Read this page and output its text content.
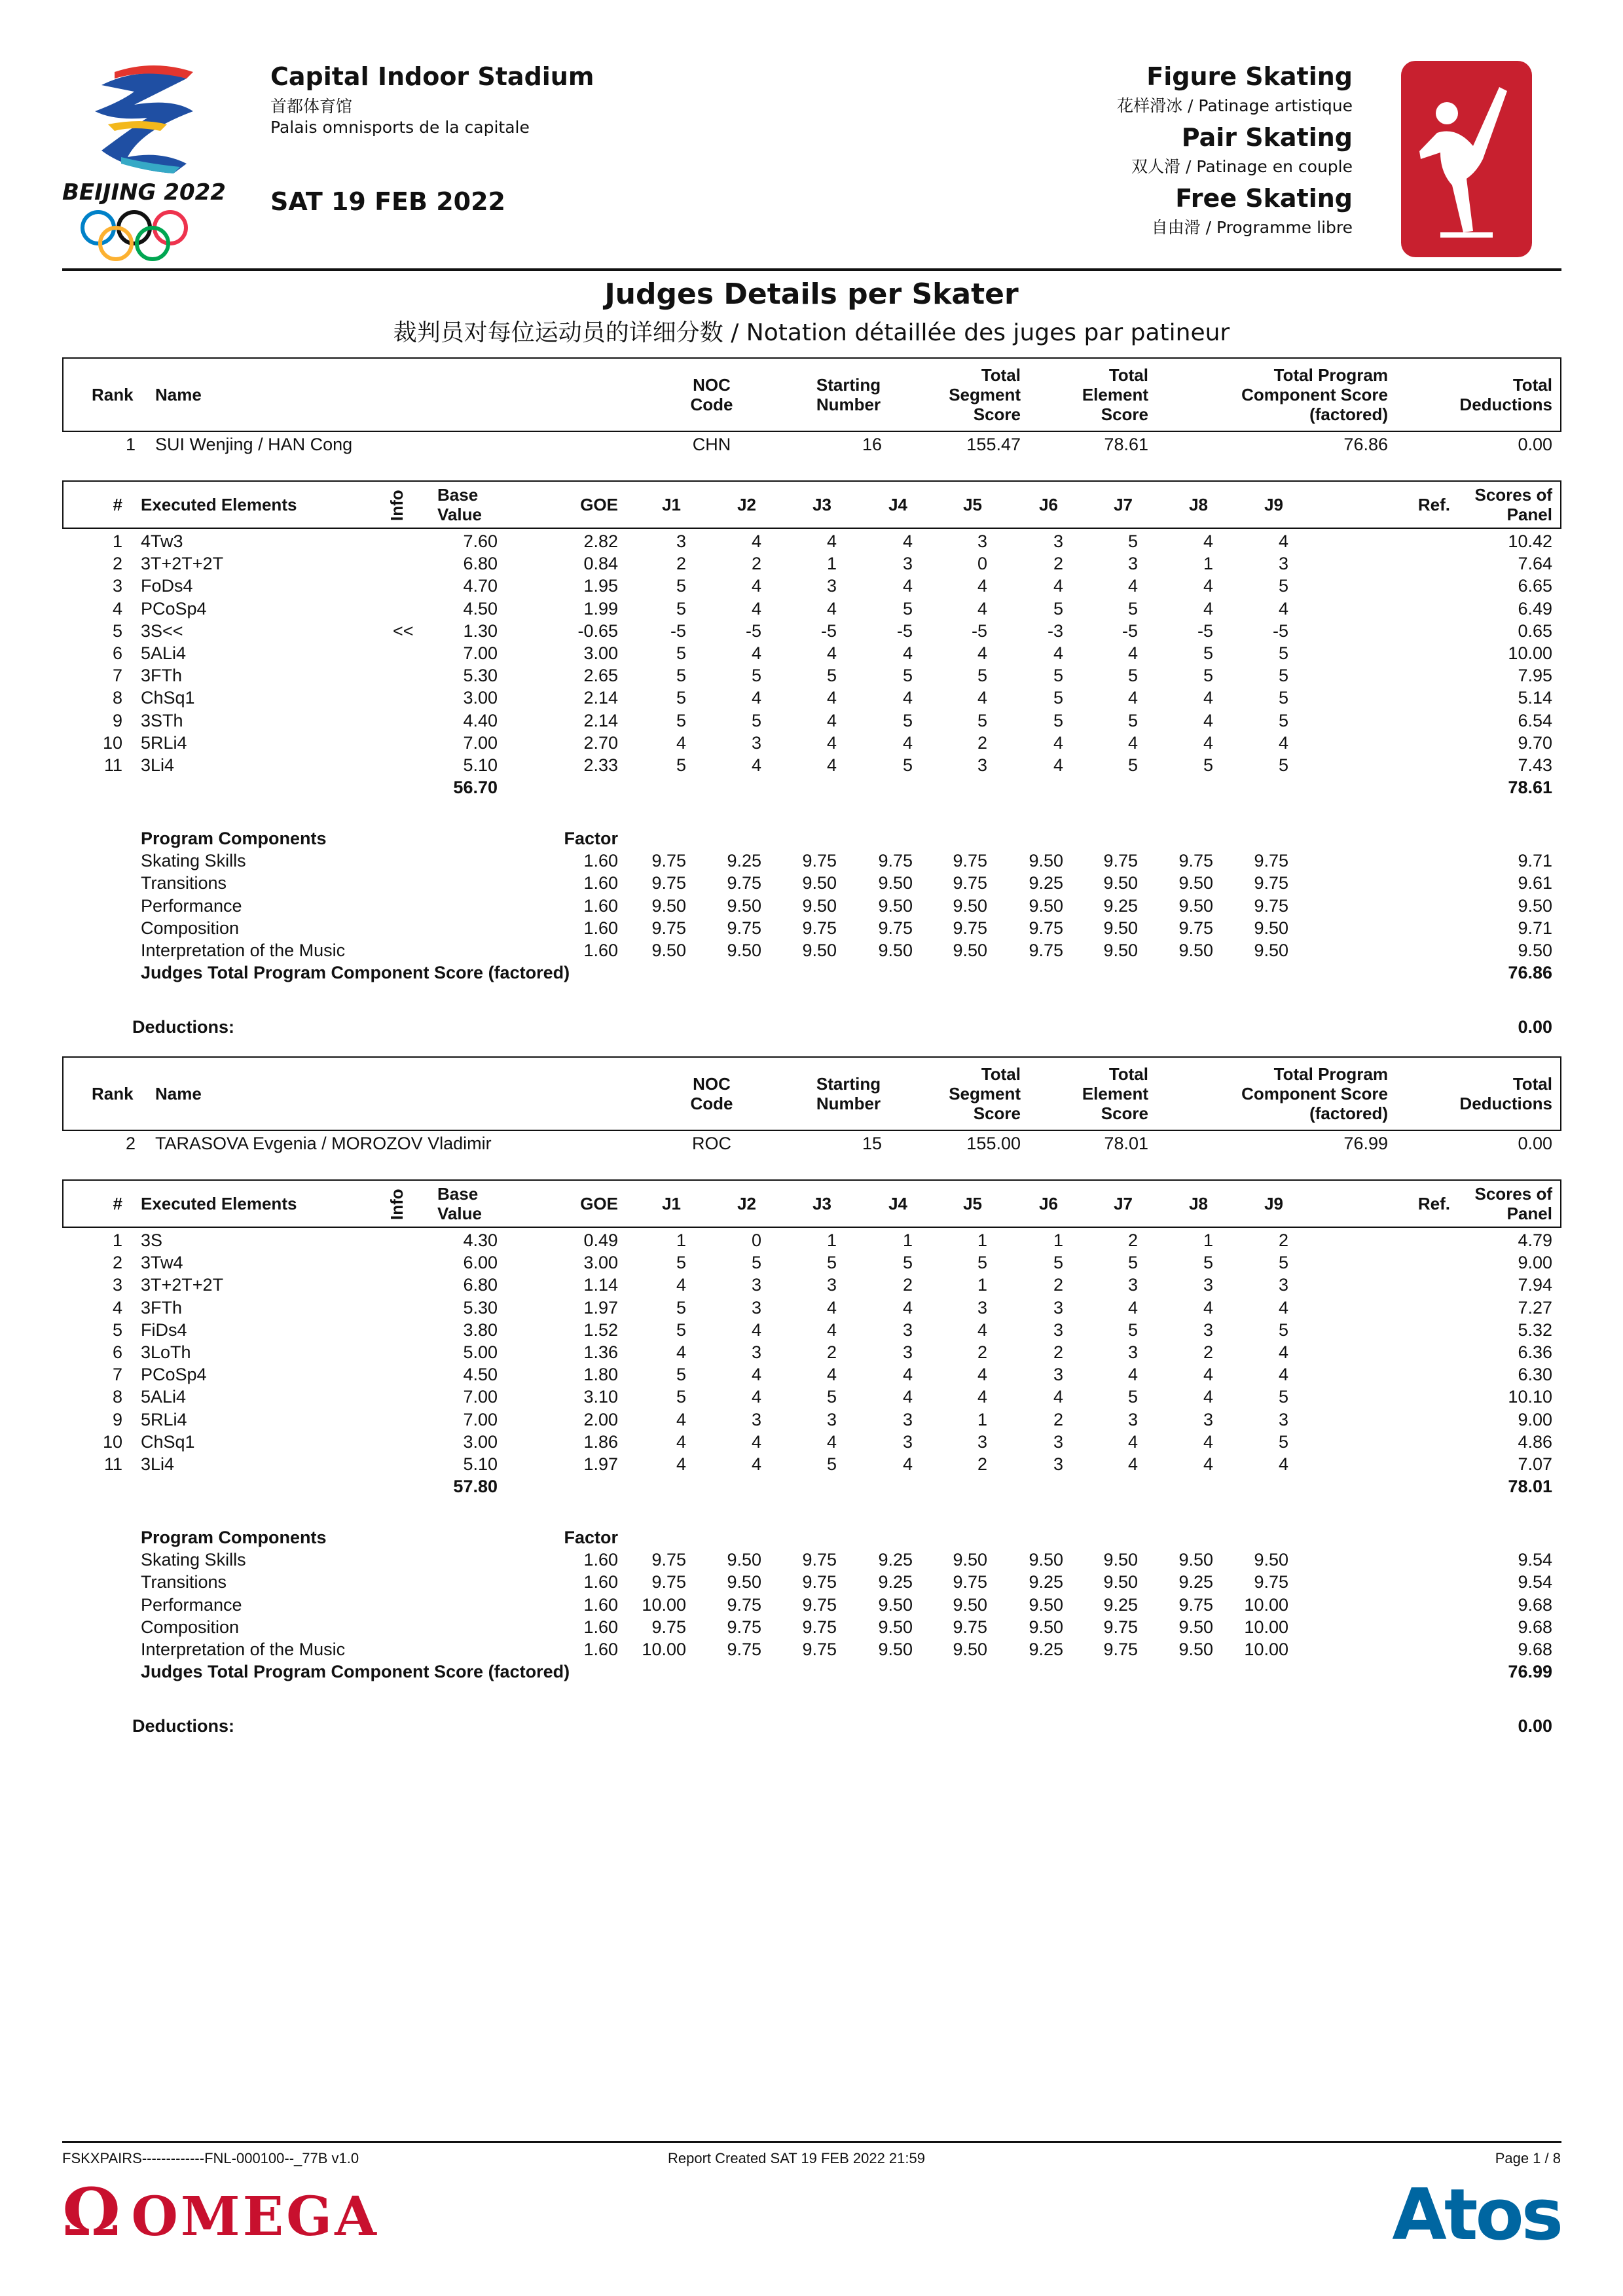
BEIJING 2022
Capital Indoor Stadium
首都体育馆
Palais omnisports de la capitale
SAT 19 FEB 2022
Figure Skating
花样滑冰 / Patinage artistique
Pair Skating
双人滑 / Patinage en couple
Free Skating
自由滑 / Programme libre
Judges Details per Skater
裁判员对每位运动员的详细分数 / Notation détaillée des juges par patineur
Rank Name	NOC
Code
Starting
Number
Total
Segment
Score
Total
Element
Score
Total Program
Component Score
(factored)
Total
Deductions
1 SUI Wenjing / HAN Cong	CHN	16	155.47	78.61	76.86	0.00
# Executed Elements	Info Base
Value	GOE	J1	J2	J3	J4	J5	J6	J7	J8	J9	Ref.	Scores of
Panel
1 4Tw3	7.60	2.82	3	4	4	4	3	3	5	4	4	10.42
2 3T+2T+2T	6.80	0.84	2	2	1	3	0	2	3	1	3	7.64
3 FoDs4	4.70	1.95	5	4	3	4	4	4	4	4	5	6.65
4 PCoSp4	4.50	1.99	5	4	4	5	4	5	5	4	4	6.49
5 3S<<	<<	1.30	-0.65	-5	-5	-5	-5	-5	-3	-5	-5	-5	0.65
6 5ALi4	7.00	3.00	5	4	4	4	4	4	4	5	5	10.00
7 3FTh	5.30	2.65	5	5	5	5	5	5	5	5	5	7.95
8 ChSq1	3.00	2.14	5	4	4	4	4	5	4	4	5	5.14
9 3STh	4.40	2.14	5	5	4	5	5	5	5	4	5	6.54
10 5RLi4	7.00	2.70	4	3	4	4	2	4	4	4	4	9.70
11 3Li4	5.10	2.33	5	4	4	5	3	4	5	5	5	7.43
56.70	78.61
Program Components	Factor
Skating Skills	1.60	9.75	9.25	9.75	9.75	9.75	9.50	9.75	9.75	9.75	9.71
Transitions	1.60	9.75	9.75	9.50	9.50	9.75	9.25	9.50	9.50	9.75	9.61
Performance	1.60	9.50	9.50	9.50	9.50	9.50	9.50	9.25	9.50	9.75	9.50
Composition	1.60	9.75	9.75	9.75	9.75	9.75	9.75	9.50	9.75	9.50	9.71
Interpretation of the Music	1.60	9.50	9.50	9.50	9.50	9.50	9.75	9.50	9.50	9.50	9.50
Judges Total Program Component Score (factored)	76.86
Deductions:	0.00
Rank Name	NOC
Code
Starting
Number
Total
Segment
Score
Total
Element
Score
Total Program
Component Score
(factored)
Total
Deductions
2 TARASOVA Evgenia / MOROZOV Vladimir	ROC	15	155.00	78.01	76.99	0.00
# Executed Elements	Info Base
Value	GOE	J1	J2	J3	J4	J5	J6	J7	J8	J9	Ref.	Scores of
Panel
1 3S	4.30	0.49	1	0	1	1	1	1	2	1	2	4.79
2 3Tw4	6.00	3.00	5	5	5	5	5	5	5	5	5	9.00
3 3T+2T+2T	6.80	1.14	4	3	3	2	1	2	3	3	3	7.94
4 3FTh	5.30	1.97	5	3	4	4	3	3	4	4	4	7.27
5 FiDs4	3.80	1.52	5	4	4	3	4	3	5	3	5	5.32
6 3LoTh	5.00	1.36	4	3	2	3	2	2	3	2	4	6.36
7 PCoSp4	4.50	1.80	5	4	4	4	4	3	4	4	4	6.30
8 5ALi4	7.00	3.10	5	4	5	4	4	4	5	4	5	10.10
9 5RLi4	7.00	2.00	4	3	3	3	1	2	3	3	3	9.00
10 ChSq1	3.00	1.86	4	4	4	3	3	3	4	4	5	4.86
11 3Li4	5.10	1.97	4	4	5	4	2	3	4	4	4	7.07
57.80	78.01
Program Components	Factor
Skating Skills	1.60	9.75	9.50	9.75	9.25	9.50	9.50	9.50	9.50	9.50	9.54
Transitions	1.60	9.75	9.50	9.75	9.25	9.75	9.25	9.50	9.25	9.75	9.54
Performance	1.60	10.00	9.75	9.75	9.50	9.50	9.50	9.25	9.75	10.00	9.68
Composition	1.60	9.75	9.75	9.75	9.50	9.75	9.50	9.75	9.50	10.00	9.68
Interpretation of the Music	1.60	10.00	9.75	9.75	9.50	9.50	9.25	9.75	9.50	10.00	9.68
Judges Total Program Component Score (factored)	76.99
Deductions:	0.00
FSKXPAIRS-------------FNL-000100--_77B v1.0	Report Created SAT 19 FEB 2022 21:59	Page 1 / 8
Ω OMEGA	Atos
